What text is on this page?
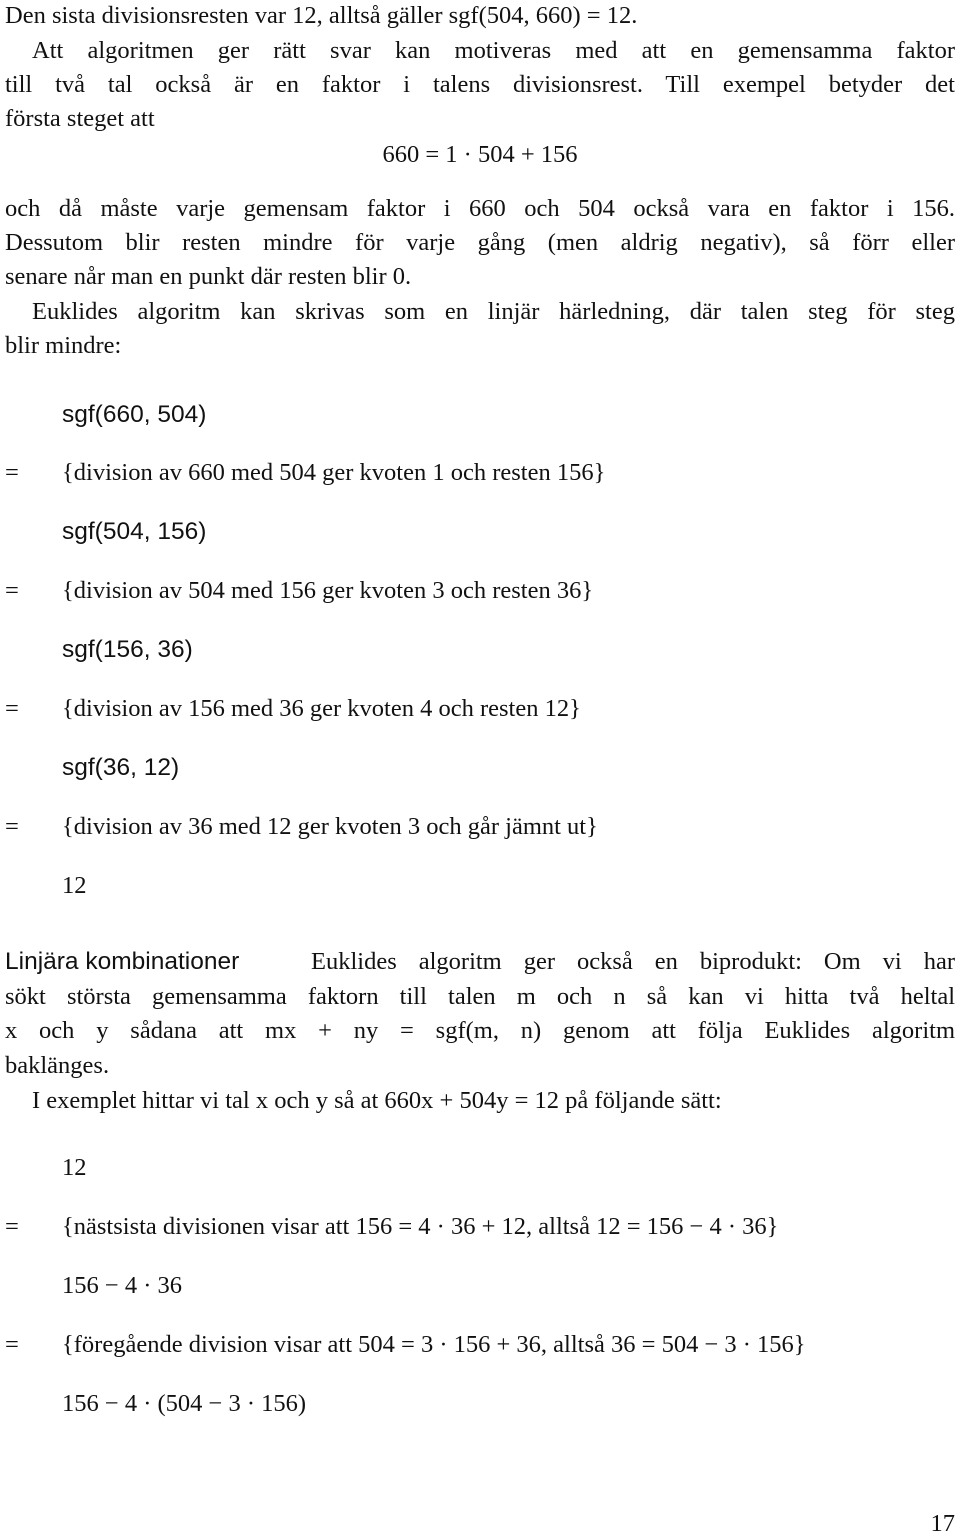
Den sista divisionsresten var 12, alltså gäller sgf(504, 660) = 12.
Att algoritmen ger rätt svar kan motiveras med att en gemensamma faktor
till två tal också är en faktor i talens divisionsrest. Till exempel betyder det
första steget att
660 = 1 · 504 + 156
och då måste varje gemensam faktor i 660 och 504 också vara en faktor i 156.
Dessutom blir resten mindre för varje gång (men aldrig negativ), så förr eller
senare når man en punkt där resten blir 0.
Euklides algoritm kan skrivas som en linjär härledning, där talen steg för steg
blir mindre:
sgf(660, 504)
= {division av 660 med 504 ger kvoten 1 och resten 156}
sgf(504, 156)
= {division av 504 med 156 ger kvoten 3 och resten 36}
sgf(156, 36)
= {division av 156 med 36 ger kvoten 4 och resten 12}
sgf(36, 12)
= {division av 36 med 12 ger kvoten 3 och går jämnt ut}
12
Linjära kombinationer	Euklides algoritm ger också en biprodukt: Om vi har
sökt största gemensamma faktorn till talen m och n så kan vi hitta två heltal
x och y sådana att mx + ny = sgf(m, n) genom att följa Euklides algoritm
baklänges.
I exemplet hittar vi tal x och y så at 660x + 504y = 12 på följande sätt:
12
= {nästsista divisionen visar att 156 = 4 · 36 + 12, alltså 12 = 156 − 4 · 36}
156 − 4 · 36
= {föregående division visar att 504 = 3 · 156 + 36, alltså 36 = 504 − 3 · 156}
156 − 4 · (504 − 3 · 156)
17
